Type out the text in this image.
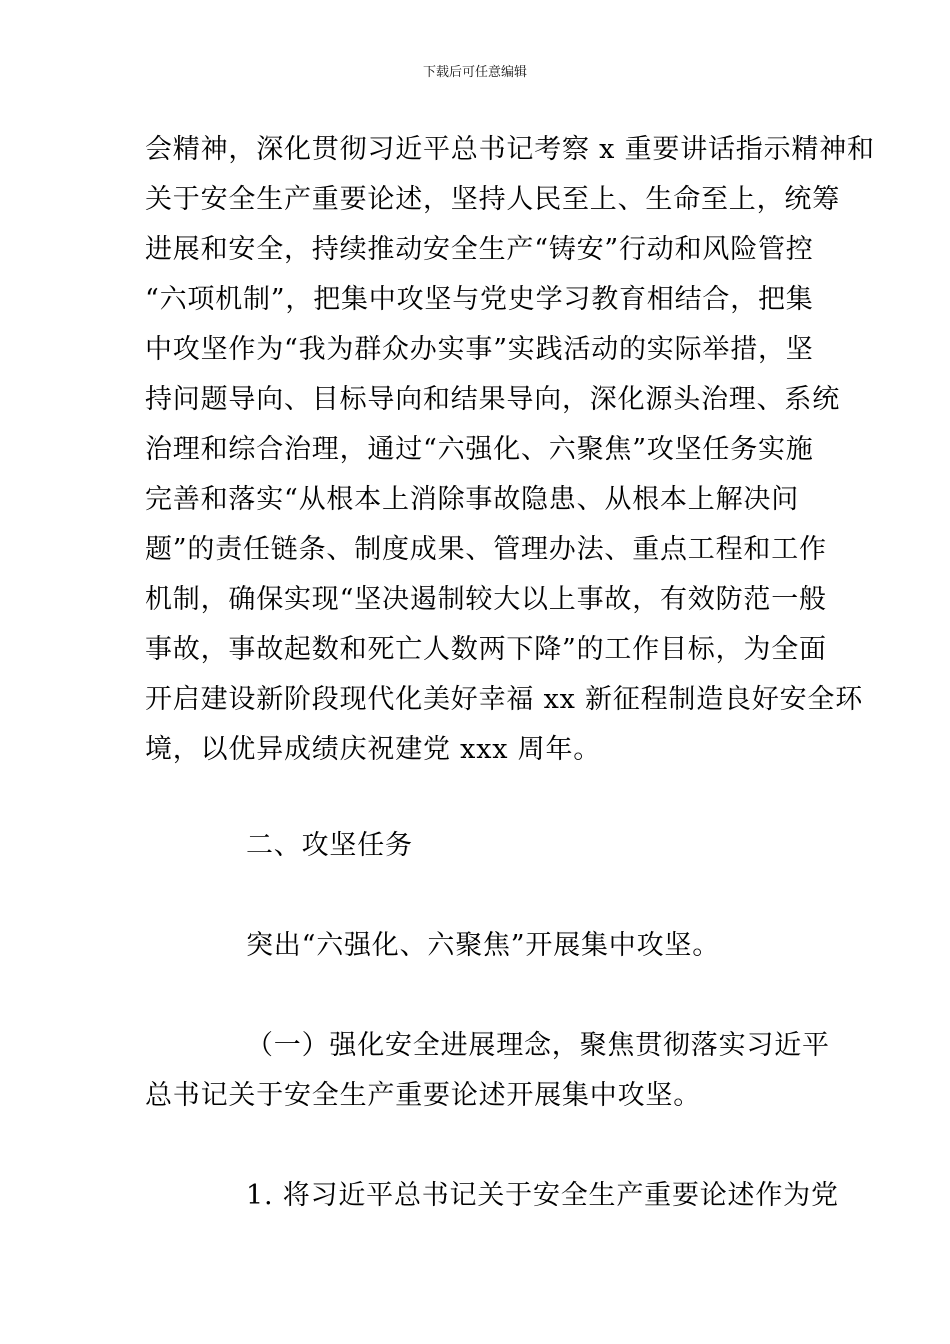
下载后可任意编辑
会精神，深化贯彻习近平总书记考察 x 重要讲话指示精神和
关于安全生产重要论述，坚持人民至上、生命至上，统筹
进展和安全，持续推动安全生产“铸安”行动和风险管控
“六项机制”，把集中攻坚与党史学习教育相结合，把集
中攻坚作为“我为群众办实事”实践活动的实际举措，坚
持问题导向、目标导向和结果导向，深化源头治理、系统
治理和综合治理，通过“六强化、六聚焦”攻坚任务实施
完善和落实“从根本上消除事故隐患、从根本上解决问
题”的责任链条、制度成果、管理办法、重点工程和工作
机制，确保实现“坚决遏制较大以上事故，有效防范一般
事故，事故起数和死亡人数两下降”的工作目标，为全面
开启建设新阶段现代化美好幸福 xx 新征程制造良好安全环
境，以优异成绩庆祝建党 xxx 周年。
二、攻坚任务
突出“六强化、六聚焦”开展集中攻坚。
（一）强化安全进展理念，聚焦贯彻落实习近平
总书记关于安全生产重要论述开展集中攻坚。
1. 将习近平总书记关于安全生产重要论述作为党
